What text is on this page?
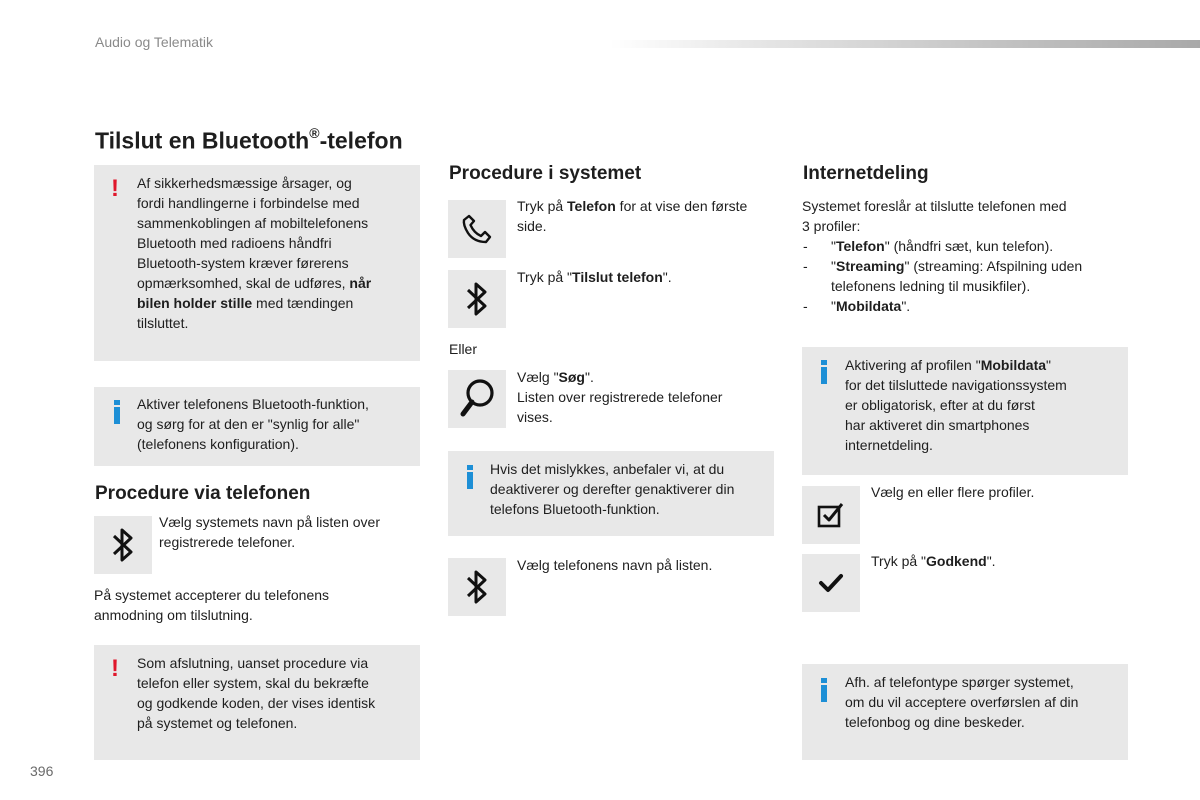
Audio og Telematik
Tilslut en Bluetooth®-telefon
! Af sikkerhedsmæssige årsager, og
fordi handlingerne i forbindelse med
sammenkoblingen af mobiltelefonens
Bluetooth med radioens håndfri
Bluetooth-system kræver førerens
opmærksomhed, skal de udføres, når
bilen holder stille med tændingen
tilsluttet.
Aktiver telefonens Bluetooth-funktion,
og sørg for at den er "synlig for alle"
(telefonens konfiguration).
Procedure via telefonen
Vælg systemets navn på listen over
registrerede telefoner.
På systemet accepterer du telefonens
anmodning om tilslutning.
! Som afslutning, uanset procedure via
telefon eller system, skal du bekræfte
og godkende koden, der vises identisk
på systemet og telefonen.
Procedure i systemet
Tryk på Telefon for at vise den første
side.
Tryk på "Tilslut telefon".
Eller
Vælg "Søg".
Listen over registrerede telefoner
vises.
Hvis det mislykkes, anbefaler vi, at du
deaktiverer og derefter genaktiverer din
telefons Bluetooth-funktion.
Vælg telefonens navn på listen.
Internetdeling
Systemet foreslår at tilslutte telefonen med
3 profiler:
- "Telefon" (håndfri sæt, kun telefon).
- "Streaming" (streaming: Afspilning uden
telefonens ledning til musikfiler).
- "Mobildata".
Aktivering af profilen "Mobildata"
for det tilsluttede navigationssystem
er obligatorisk, efter at du først
har aktiveret din smartphones
internetdeling.
Vælg en eller flere profiler.
Tryk på "Godkend".
Afh. af telefontype spørger systemet,
om du vil acceptere overførslen af din
telefonbog og dine beskeder.
396
